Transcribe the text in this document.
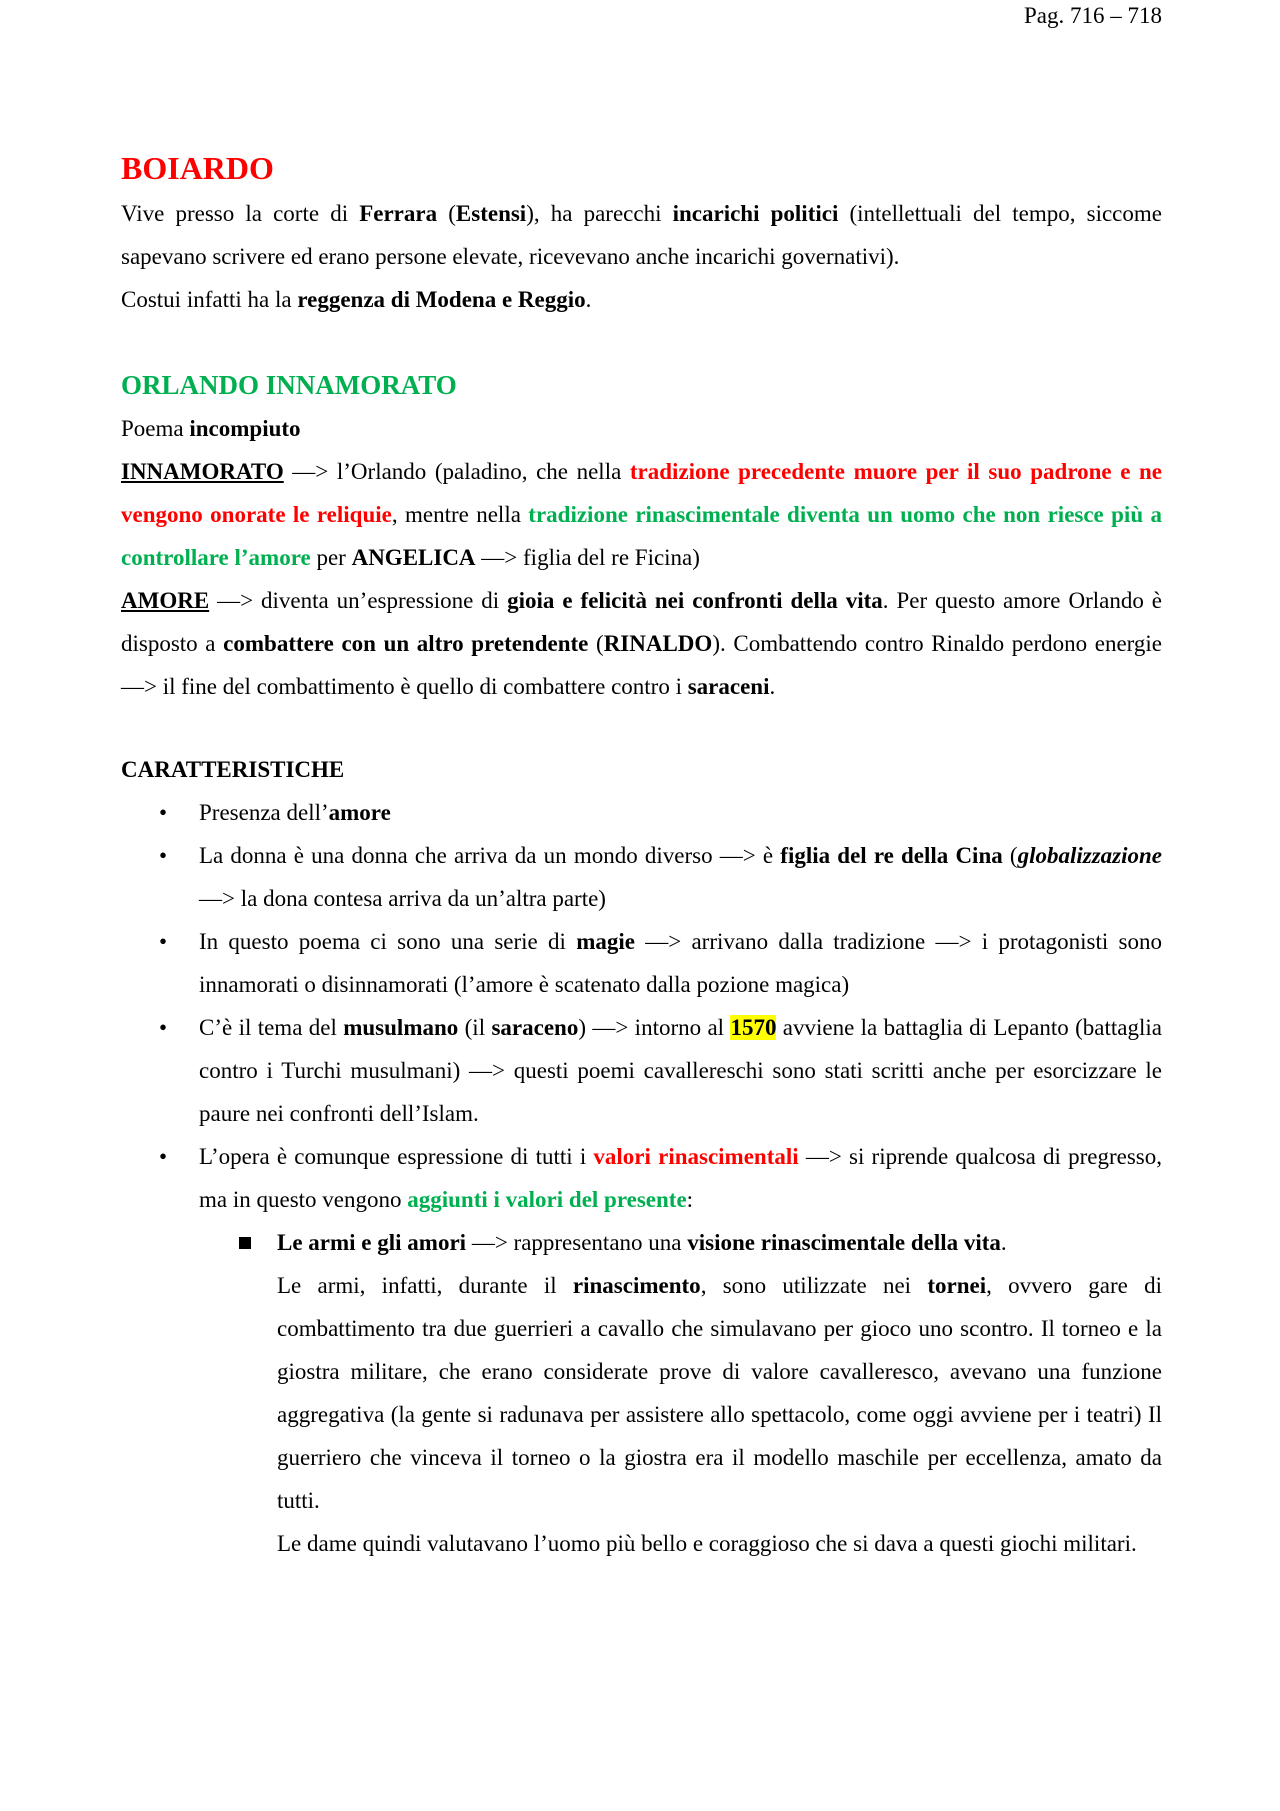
Pag. 716 – 718
BOIARDO

Vive presso la corte di Ferrara (Estensi), ha parecchi incarichi politici (intellettuali del tempo, siccome sapevano scrivere ed erano persone elevate, ricevevano anche incarichi governativi).

Costui infatti ha la reggenza di Modena e Reggio.

ORLANDO INNAMORATO

Poema incompiuto

INNAMORATO —> l’Orlando (paladino, che nella tradizione precedente muore per il suo padrone e ne vengono onorate le reliquie, mentre nella tradizione rinascimentale diventa un uomo che non riesce più a controllare l’amore per ANGELICA —> figlia del re Ficina)

AMORE —> diventa un’espressione di gioia e felicità nei confronti della vita. Per questo amore Orlando è disposto a combattere con un altro pretendente (RINALDO). Combattendo contro Rinaldo perdono energie —> il fine del combattimento è quello di combattere contro i saraceni.

CARATTERISTICHE
• Presenza dell’amore
• La donna è una donna che arriva da un mondo diverso —> è figlia del re della Cina (globalizzazione —> la dona contesa arriva da un’altra parte)
• In questo poema ci sono una serie di magie —> arrivano dalla tradizione —> i protagonisti sono innamorati o disinnamorati (l’amore è scatenato dalla pozione magica)
• C’è il tema del musulmano (il saraceno) —> intorno al 1570 avviene la battaglia di Lepanto (battaglia contro i Turchi musulmani) —> questi poemi cavallereschi sono stati scritti anche per esorcizzare le paure nei confronti dell’Islam.
• L’opera è comunque espressione di tutti i valori rinascimentali —> si riprende qualcosa di pregresso, ma in questo vengono aggiunti i valori del presente:

Le armi e gli amori —> rappresentano una visione rinascimentale della vita.

Le armi, infatti, durante il rinascimento, sono utilizzate nei tornei, ovvero gare di combattimento tra due guerrieri a cavallo che simulavano per gioco uno scontro. Il torneo e la giostra militare, che erano considerate prove di valore cavalleresco, avevano una funzione aggregativa (la gente si radunava per assistere allo spettacolo, come oggi avviene per i teatri) Il guerriero che vinceva il torneo o la giostra era il modello maschile per eccellenza, amato da tutti.

Le dame quindi valutavano l’uomo più bello e coraggioso che si dava a questi giochi militari.
